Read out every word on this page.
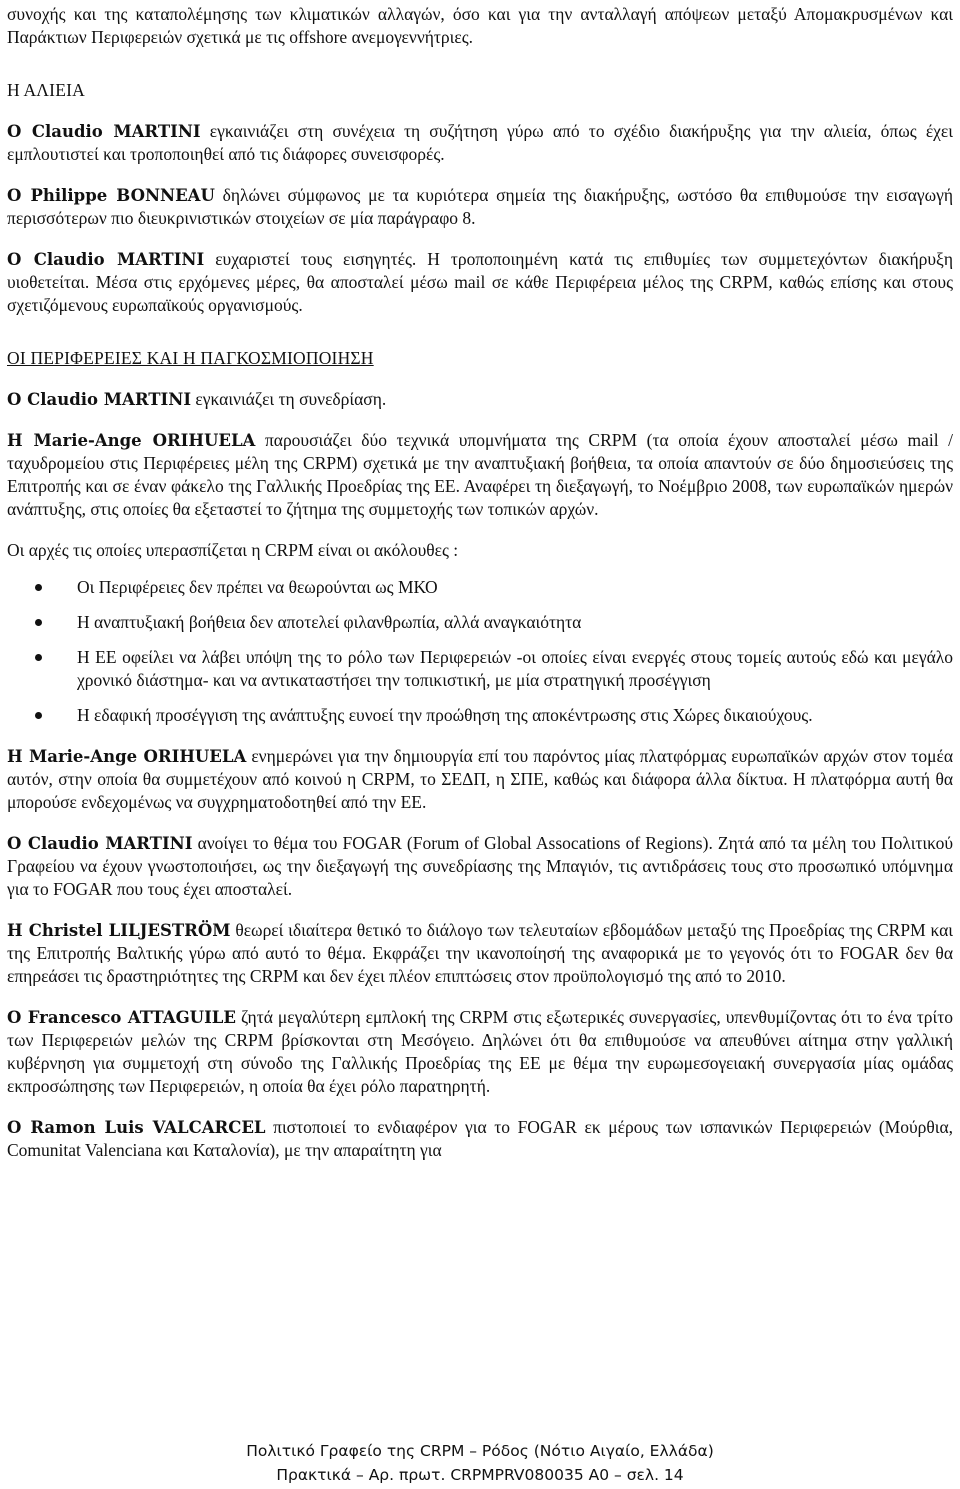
συνοχής και της καταπολέμησης των κλιματικών αλλαγών, όσο και για την ανταλλαγή απόψεων μεταξύ Απομακρυσμένων και Παράκτιων Περιφερειών σχετικά με τις offshore ανεμογεννήτριες.

Η ΑΛΙΕΙΑ

Ο Claudio MARTINI εγκαινιάζει στη συνέχεια τη συζήτηση γύρω από το σχέδιο διακήρυξης για την αλιεία, όπως έχει εμπλουτιστεί και τροποποιηθεί από τις διάφορες συνεισφορές.

Ο Philippe BONNEAU δηλώνει σύμφωνος με τα κυριότερα σημεία της διακήρυξης, ωστόσο θα επιθυμούσε την εισαγωγή περισσότερων πιο διευκρινιστικών στοιχείων σε μία παράγραφο 8.

Ο Claudio MARTINI ευχαριστεί τους εισηγητές. Η τροποποιημένη κατά τις επιθυμίες των συμμετεχόντων διακήρυξη υιοθετείται. Μέσα στις ερχόμενες μέρες, θα αποσταλεί μέσω mail σε κάθε Περιφέρεια μέλος της CRPM, καθώς επίσης και στους σχετιζόμενους ευρωπαϊκούς οργανισμούς.

ΟΙ ΠΕΡΙΦΕΡΕΙΕΣ ΚΑΙ Η ΠΑΓΚΟΣΜΙΟΠΟΙΗΣΗ

Ο Claudio MARTINI εγκαινιάζει τη συνεδρίαση.

Η Marie-Ange ORIHUELA παρουσιάζει δύο τεχνικά υπομνήματα της CRPM (τα οποία έχουν αποσταλεί μέσω mail / ταχυδρομείου στις Περιφέρειες μέλη της CRPM) σχετικά με την αναπτυξιακή βοήθεια, τα οποία απαντούν σε δύο δημοσιεύσεις της Επιτροπής και σε έναν φάκελο της Γαλλικής Προεδρίας της ΕΕ. Αναφέρει τη διεξαγωγή, το Νοέμβριο 2008, των ευρωπαϊκών ημερών ανάπτυξης, στις οποίες θα εξεταστεί το ζήτημα της συμμετοχής των τοπικών αρχών.

Οι αρχές τις οποίες υπερασπίζεται η CRPM είναι οι ακόλουθες :

Οι Περιφέρειες δεν πρέπει να θεωρούνται ως ΜΚΟ
Η αναπτυξιακή βοήθεια δεν αποτελεί φιλανθρωπία, αλλά αναγκαιότητα
Η ΕΕ οφείλει να λάβει υπόψη της το ρόλο των Περιφερειών -οι οποίες είναι ενεργές στους τομείς αυτούς εδώ και μεγάλο χρονικό διάστημα- και να αντικαταστήσει την τοπικιστική, με μία στρατηγική προσέγγιση
Η εδαφική προσέγγιση της ανάπτυξης ευνοεί την προώθηση της αποκέντρωσης στις Χώρες δικαιούχους.

Η Marie-Ange ORIHUELA ενημερώνει για την δημιουργία επί του παρόντος μίας πλατφόρμας ευρωπαϊκών αρχών στον τομέα αυτόν, στην οποία θα συμμετέχουν από κοινού η CRPM, το ΣΕΔΠ, η ΣΠΕ, καθώς και διάφορα άλλα δίκτυα. Η πλατφόρμα αυτή θα μπορούσε ενδεχομένως να συγχρηματοδοτηθεί από την ΕΕ.

Ο Claudio MARTINI ανοίγει το θέμα του FOGAR (Forum of Global Assocations of Regions). Ζητά από τα μέλη του Πολιτικού Γραφείου να έχουν γνωστοποιήσει, ως την διεξαγωγή της συνεδρίασης της Μπαγιόν, τις αντιδράσεις τους στο προσωπικό υπόμνημα για το FOGAR που τους έχει αποσταλεί.

Η Christel LILJESTRÖM θεωρεί ιδιαίτερα θετικό το διάλογο των τελευταίων εβδομάδων μεταξύ της Προεδρίας της CRPM και της Επιτροπής Βαλτικής γύρω από αυτό το θέμα. Εκφράζει την ικανοποίησή της αναφορικά με το γεγονός ότι το FOGAR δεν θα επηρεάσει τις δραστηριότητες της CRPM και δεν έχει πλέον επιπτώσεις στον προϋπολογισμό της από το 2010.

Ο Francesco ATTAGUILE ζητά μεγαλύτερη εμπλοκή της CRPM στις εξωτερικές συνεργασίες, υπενθυμίζοντας ότι το ένα τρίτο των Περιφερειών μελών της CRPM βρίσκονται στη Μεσόγειο. Δηλώνει ότι θα επιθυμούσε να απευθύνει αίτημα στην γαλλική κυβέρνηση για συμμετοχή στη σύνοδο της Γαλλικής Προεδρίας της ΕΕ με θέμα την ευρωμεσογειακή συνεργασία μίας ομάδας εκπροσώπησης των Περιφερειών, η οποία θα έχει ρόλο παρατηρητή.

Ο Ramon Luis VALCARCEL πιστοποιεί το ενδιαφέρον για το FOGAR εκ μέρους των ισπανικών Περιφερειών (Μούρθια, Comunitat Valenciana και Καταλονία), με την απαραίτητη για

Πολιτικό Γραφείο της CRPM – Ρόδος (Νότιο Αιγαίο, Ελλάδα)
Πρακτικά – Αρ. πρωτ. CRPMPRV080035 A0 – σελ. 14
